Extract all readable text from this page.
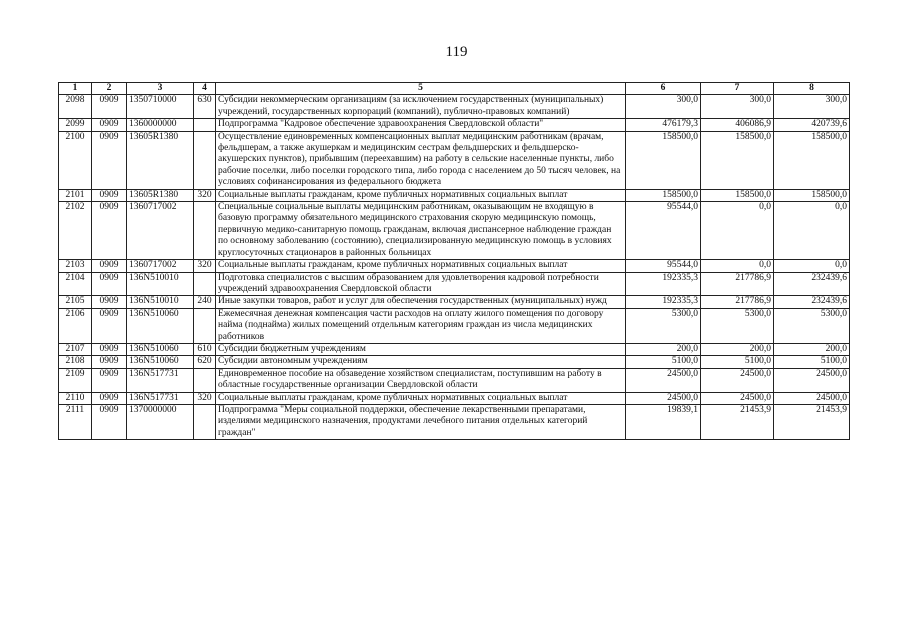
119
1	2	3	4	5	6	7	8
2098	0909	1350710000	630	Субсидии некоммерческим организациям (за исключением государственных (муниципальных) учреждений, государственных корпораций (компаний), публично-правовых компаний)	300,0	300,0	300,0
2099	0909	1360000000		Подпрограмма "Кадровое обеспечение здравоохранения Свердловской области"	476179,3	406086,9	420739,6
2100	0909	13605R1380		Осуществление единовременных компенсационных выплат медицинским работникам (врачам, фельдшерам, а также акушеркам и медицинским сестрам фельдшерских и фельдшерско-акушерских пунктов), прибывшим (переехавшим) на работу в сельские населенные пункты, либо рабочие поселки, либо поселки городского типа, либо города с населением до 50 тысяч человек, на условиях софинансирования из федерального бюджета	158500,0	158500,0	158500,0
2101	0909	13605R1380	320	Социальные выплаты гражданам, кроме публичных нормативных социальных выплат	158500,0	158500,0	158500,0
2102	0909	1360717002		Специальные социальные выплаты медицинским работникам, оказывающим не входящую в базовую программу обязательного медицинского страхования скорую медицинскую помощь, первичную медико-санитарную помощь гражданам, включая диспансерное наблюдение граждан по основному заболеванию (состоянию), специализированную медицинскую помощь в условиях круглосуточных стационаров в районных больницах	95544,0	0,0	0,0
2103	0909	1360717002	320	Социальные выплаты гражданам, кроме публичных нормативных социальных выплат	95544,0	0,0	0,0
2104	0909	136N510010		Подготовка специалистов с высшим образованием для удовлетворения кадровой потребности учреждений здравоохранения Свердловской области	192335,3	217786,9	232439,6
2105	0909	136N510010	240	Иные закупки товаров, работ и услуг для обеспечения государственных (муниципальных) нужд	192335,3	217786,9	232439,6
2106	0909	136N510060		Ежемесячная денежная компенсация части расходов на оплату жилого помещения по договору найма (поднайма) жилых помещений отдельным категориям граждан из числа медицинских работников	5300,0	5300,0	5300,0
2107	0909	136N510060	610	Субсидии бюджетным учреждениям	200,0	200,0	200,0
2108	0909	136N510060	620	Субсидии автономным учреждениям	5100,0	5100,0	5100,0
2109	0909	136N517731		Единовременное пособие на обзаведение хозяйством специалистам, поступившим на работу в областные государственные организации Свердловской области	24500,0	24500,0	24500,0
2110	0909	136N517731	320	Социальные выплаты гражданам, кроме публичных нормативных социальных выплат	24500,0	24500,0	24500,0
2111	0909	1370000000		Подпрограмма "Меры социальной поддержки, обеспечение лекарственными препаратами, изделиями медицинского назначения, продуктами лечебного питания отдельных категорий граждан"	19839,1	21453,9	21453,9
